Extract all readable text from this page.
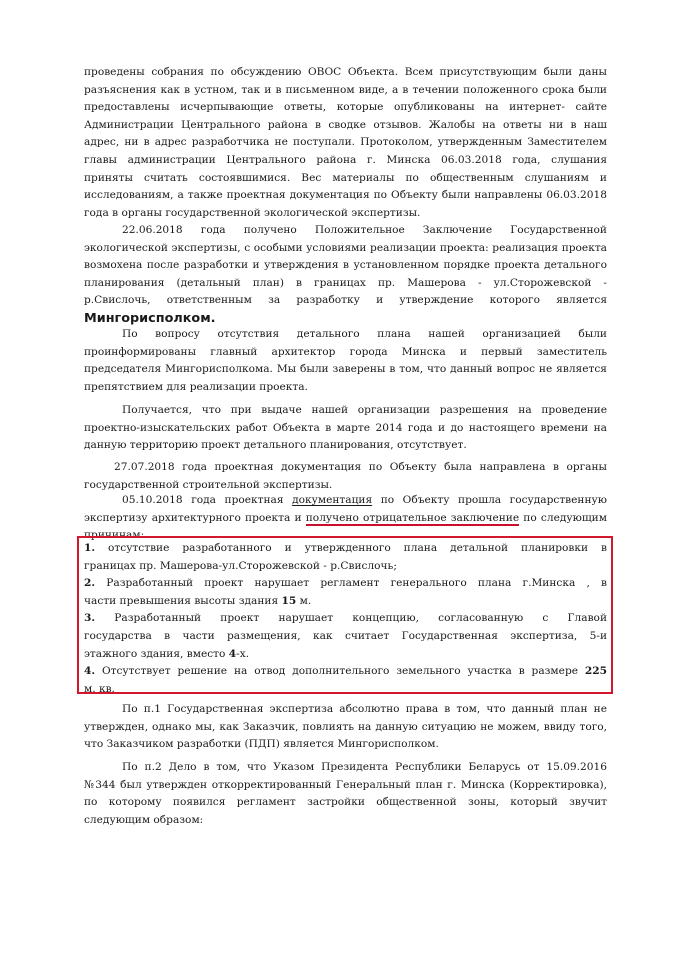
проведены собрания по обсуждению ОВОС Объекта. Всем присутствующим были даны
разъяснения как в устном, так и в письменном виде, а в течении положенного срока были
предоставлены исчерпывающие ответы, которые опубликованы на интернет- сайте
Администрации Центрального района в сводке отзывов. Жалобы на ответы ни в наш
адрес, ни в адрес разработчика не поступали. Протоколом, утвержденным Заместителем
главы администрации Центрального района г. Минска 06.03.2018 года, слушания
приняты считать состоявшимися. Вес материалы по общественным слушаниям и
исследованиям, а также проектная документация по Объекту были направлены 06.03.2018
года в органы государственной экологической экспертизы.
22.06.2018 года получено Положительное Заключение Государственной
экологической экспертизы, с особыми условиями реализации проекта: реализация проекта
возмохена после разработки и утверждения в установленном порядке проекта детального
планирования (детальный план) в границах пр. Машерова - ул.Сторожевской -
р.Свислочь, ответственным за разработку и утверждение которого является
Мингорисполком.
По вопросу отсутствия детального плана нашей организацией были
проинформированы главный архитектор города Минска и первый заместитель
председателя Мингорисполкома. Мы были заверены в том, что данный вопрос не является
препятствием для реализации проекта.
Получается, что при выдаче нашей организации разрешения на проведение
проектно-изыскательских работ Объекта в марте 2014 года и до настоящего времени на
данную территорию проект детального планирования, отсутствует.
27.07.2018 года проектная документация по Объекту была направлена в органы
государственной строительной экспертизы.
05.10.2018 года проектная документация по Объекту прошла государственную
экспертизу архитектурного проекта и получено отрицательное заключение по следующим
причинам:
1. отсутствие разработанного и утвержденного плана детальной планировки в
границах пр. Машерова-ул.Сторожевской - р.Свислочь;
2. Разработанный проект нарушает регламент генерального плана г.Минска , в
части превышения высоты здания 15 м.
3. Разработанный проект нарушает концепцию, согласованную с Главой
государства в части размещения, как считает Государственная экспертиза, 5-и
этажного здания, вместо 4-х.
4. Отсутствует решение на отвод дополнительного земельного участка в размере 225
м. кв.
По п.1 Государственная экспертиза абсолютно права в том, что данный план не
утвержден, однако мы, как Заказчик, повлиять на данную ситуацию не можем, ввиду того,
что Заказчиком разработки (ПДП) является Мингорисполком.
По п.2 Дело в том, что Указом Президента Республики Беларусь от 15.09.2016
№344 был утвержден откорректированный Генеральный план г. Минска (Корректировка),
по которому появился регламент застройки общественной зоны, который звучит
следующим образом:
